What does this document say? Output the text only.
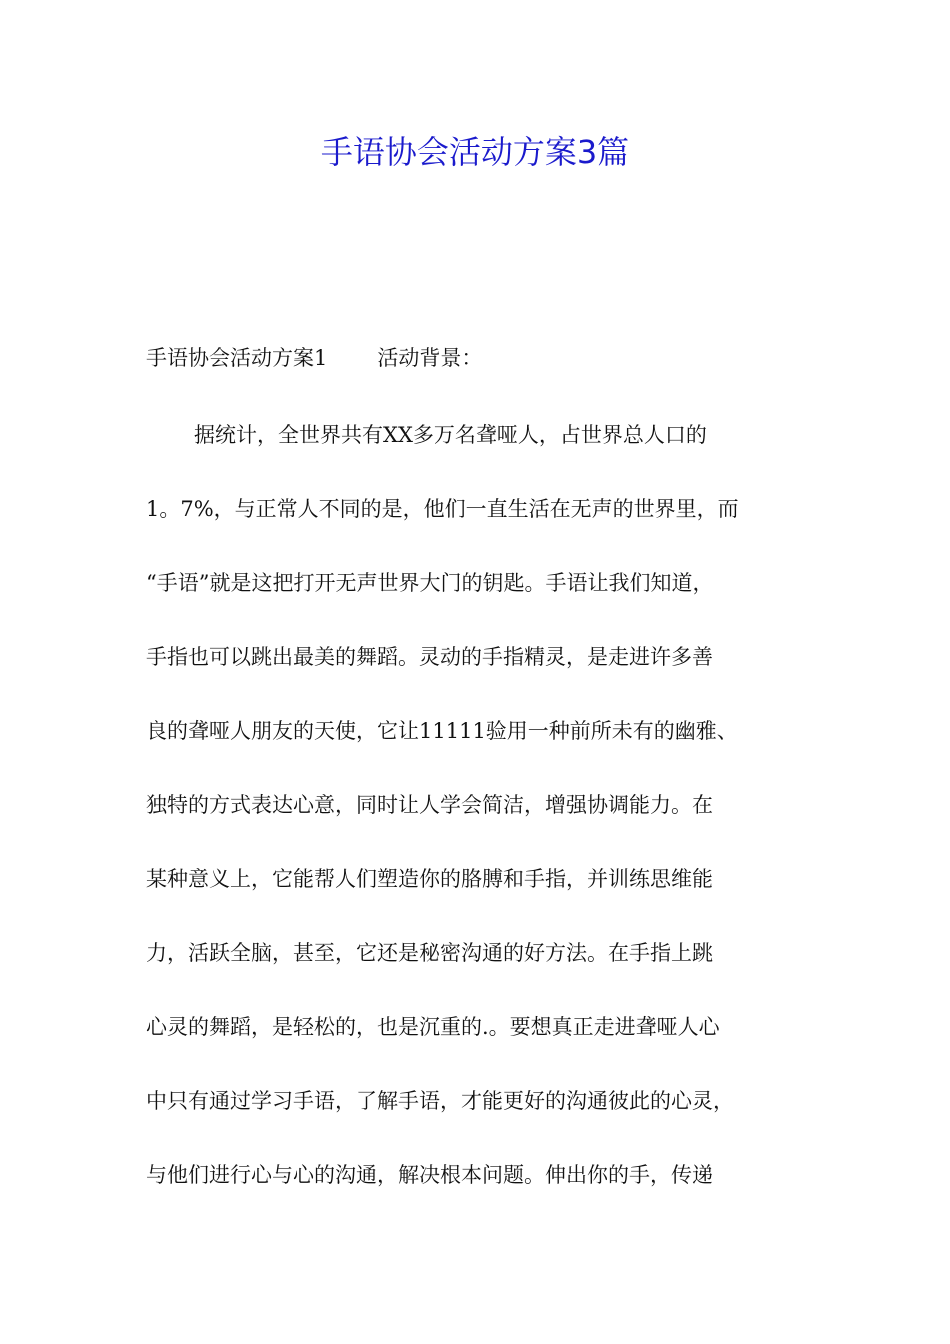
手语协会活动方案3篇
手语协会活动方案1 活动背景：
据统计，全世界共有XX多万名聋哑人，占世界总人口的
1。7%，与正常人不同的是，他们一直生活在无声的世界里，而
“手语”就是这把打开无声世界大门的钥匙。手语让我们知道，
手指也可以跳出最美的舞蹈。灵动的手指精灵，是走进许多善
良的聋哑人朋友的天使，它让11111验用一种前所未有的幽雅、
独特的方式表达心意，同时让人学会简洁，增强协调能力。在
某种意义上，它能帮人们塑造你的胳膊和手指，并训练思维能
力，活跃全脑，甚至，它还是秘密沟通的好方法。在手指上跳
心灵的舞蹈，是轻松的，也是沉重的.。要想真正走进聋哑人心
中只有通过学习手语，了解手语，才能更好的沟通彼此的心灵，
与他们进行心与心的沟通，解决根本问题。伸出你的手，传递
